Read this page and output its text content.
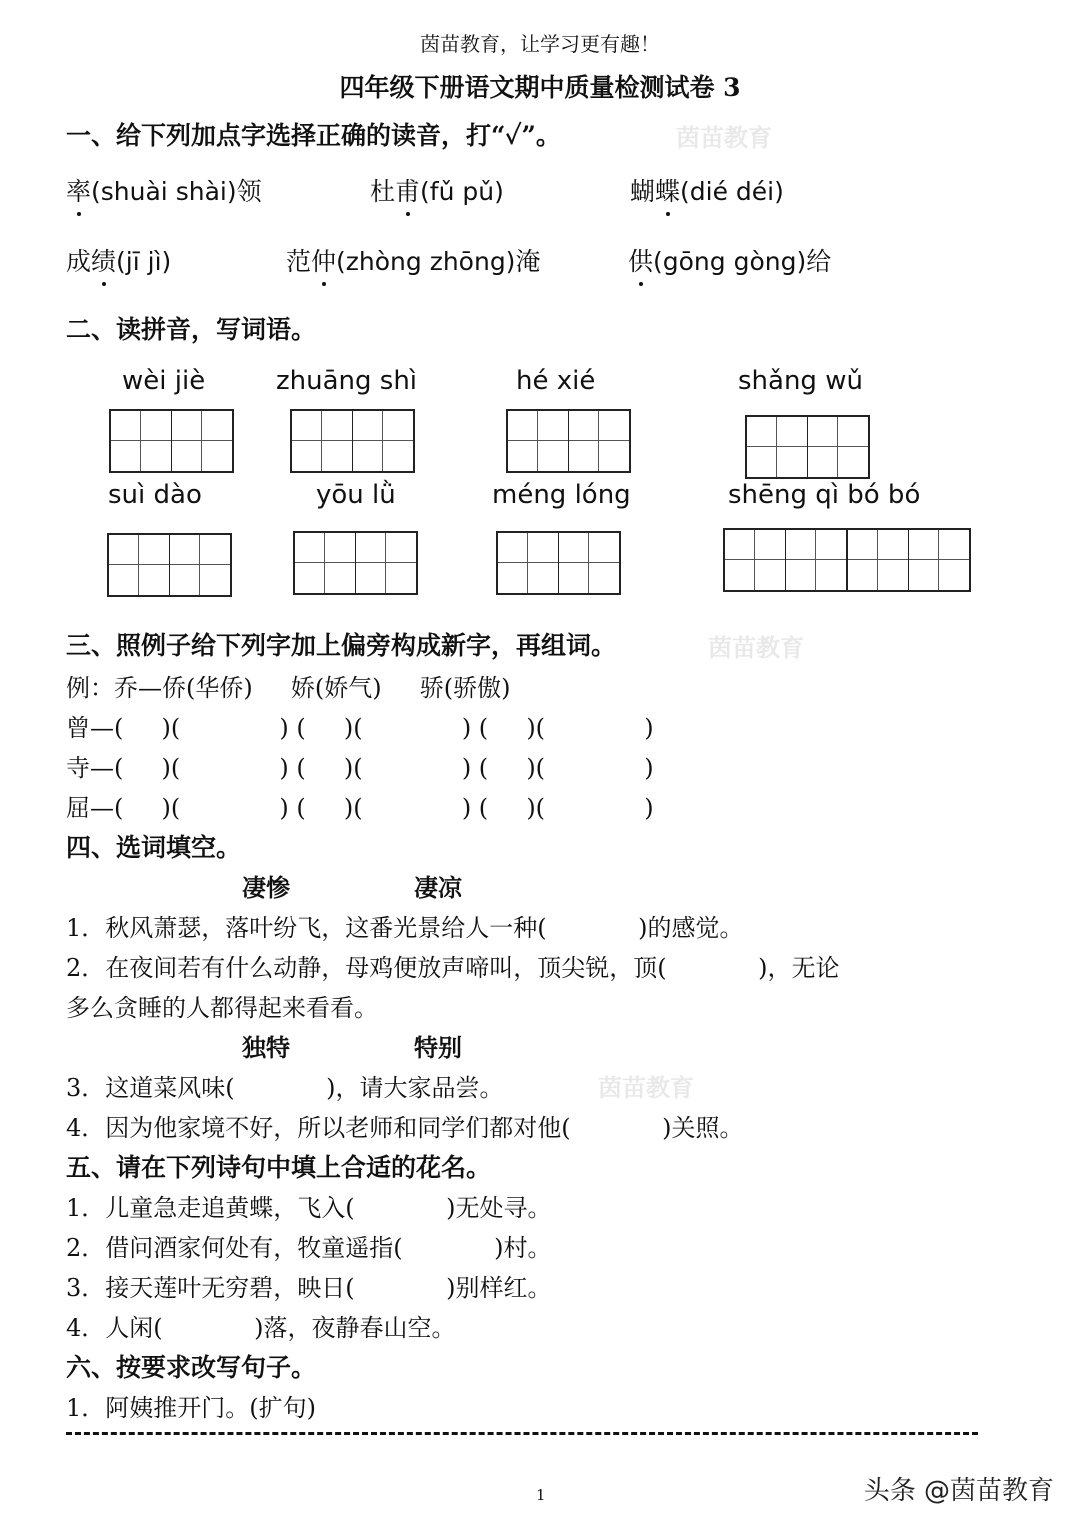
茵苗教育，让学习更有趣！
四年级下册语文期中质量检测试卷 3
一、给下列加点字选择正确的读音，打“✓”。	茵苗教育
率(shuài shài)领	杜甫(fǔ pǔ)	蝴蝶(dié déi)
成绩(jī jì)	范仲(zhòng zhōng)淹	供(gōng gòng)给
二、读拼音，写词语。
wèi jiè	zhuāng shì	hé xié	shǎng wǔ
suì dào	yōu lǜ	méng lóng	shēng qì bó bó
三、照例子给下列字加上偏旁构成新字，再组词。	茵苗教育
例：乔—侨(华侨)     娇(娇气)     骄(骄傲)
曾—(     )(             ) (     )(             ) (     )(             )
寺—(     )(             ) (     )(             ) (     )(             )
屈—(     )(             ) (     )(             ) (     )(             )
四、选词填空。
凄惨	凄凉
1．秋风萧瑟，落叶纷飞，这番光景给人一种(            )的感觉。
2．在夜间若有什么动静，母鸡便放声啼叫，顶尖锐，顶(            )，无论
多么贪睡的人都得起来看看。
独特	特别
3．这道菜风味(            )，请大家品尝。	茵苗教育
4．因为他家境不好，所以老师和同学们都对他(            )关照。
五、请在下列诗句中填上合适的花名。
1．儿童急走追黄蝶，飞入(            )无处寻。
2．借问酒家何处有，牧童遥指(            )村。
3．接天莲叶无穷碧，映日(            )别样红。
4．人闲(            )落，夜静春山空。
六、按要求改写句子。
1．阿姨推开门。(扩句)
1	头条 @茵苗教育
